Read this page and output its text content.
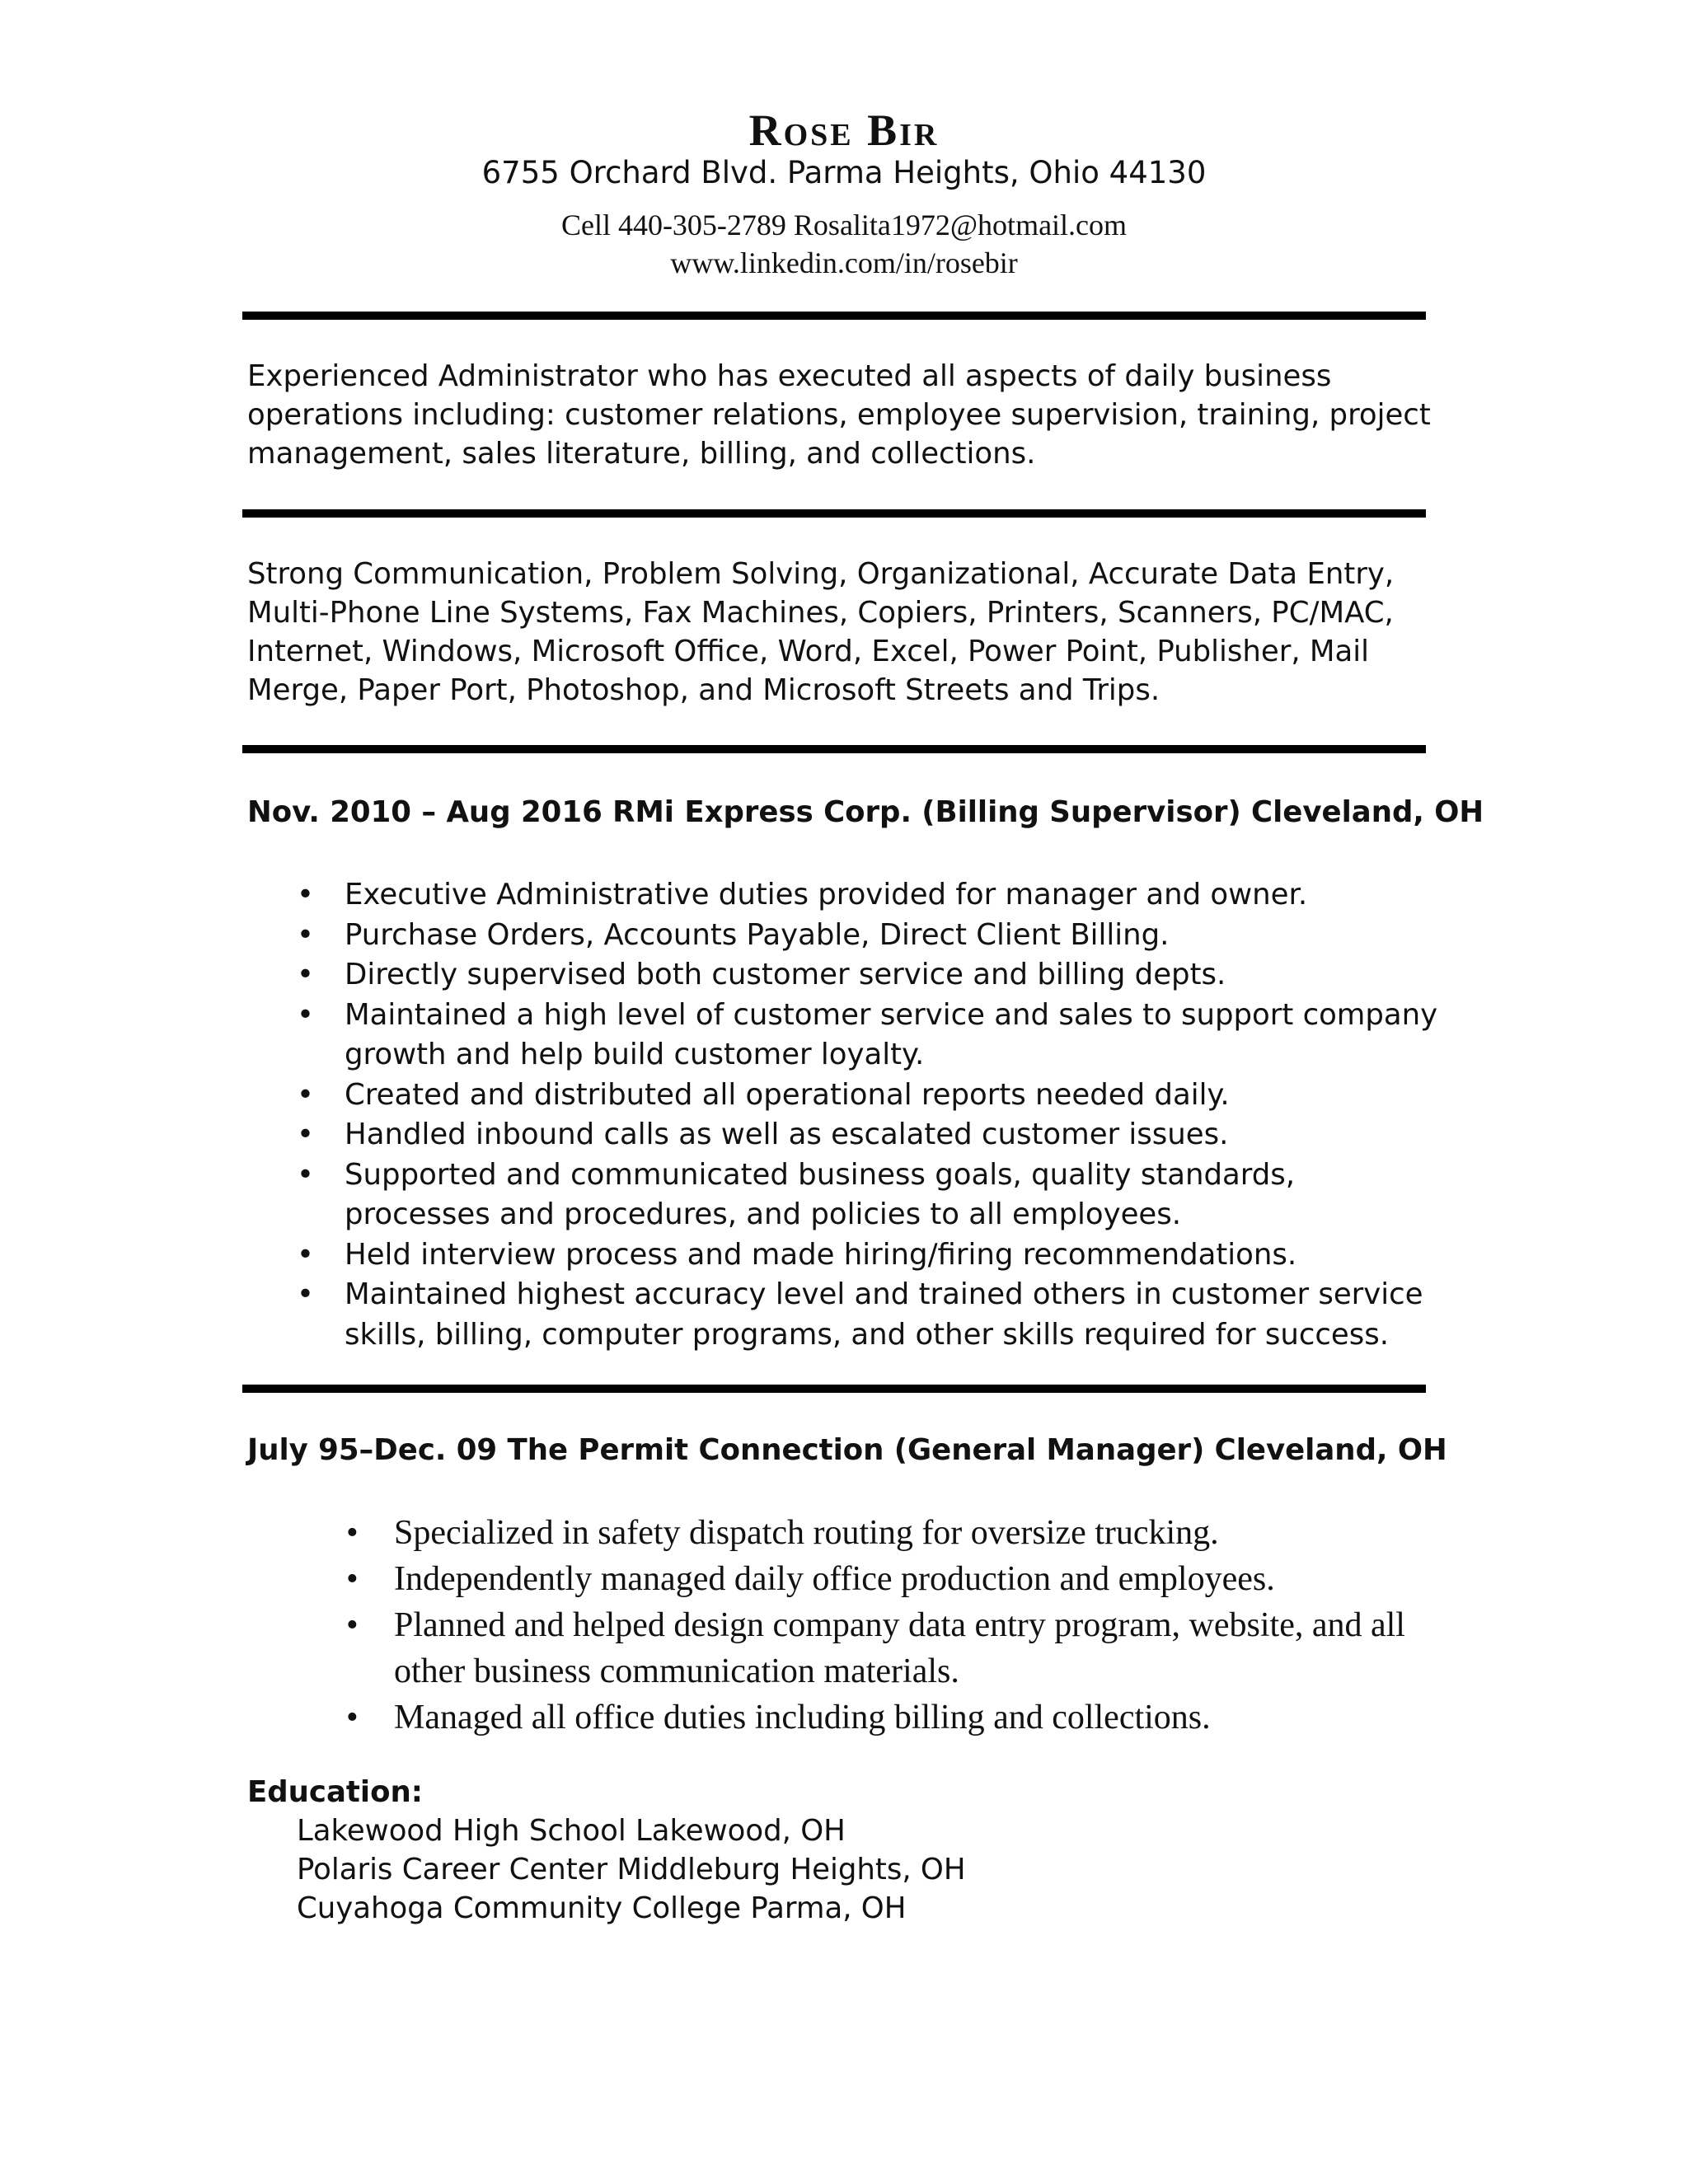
Rose Bir
6755 Orchard Blvd. Parma Heights, Ohio 44130
Cell 440-305-2789 Rosalita1972@hotmail.com
www.linkedin.com/in/rosebir
Experienced Administrator who has executed all aspects of daily business operations including: customer relations, employee supervision, training, project management, sales literature, billing, and collections.
Strong Communication, Problem Solving, Organizational, Accurate Data Entry, Multi-Phone Line Systems, Fax Machines, Copiers, Printers, Scanners, PC/MAC, Internet, Windows, Microsoft Office, Word, Excel, Power Point, Publisher, Mail Merge, Paper Port, Photoshop, and Microsoft Streets and Trips.
Nov. 2010 – Aug 2016 RMi Express Corp. (Billing Supervisor) Cleveland, OH
• Executive Administrative duties provided for manager and owner.
• Purchase Orders, Accounts Payable, Direct Client Billing.
• Directly supervised both customer service and billing depts.
• Maintained a high level of customer service and sales to support company growth and help build customer loyalty.
• Created and distributed all operational reports needed daily.
• Handled inbound calls as well as escalated customer issues.
• Supported and communicated business goals, quality standards, processes and procedures, and policies to all employees.
• Held interview process and made hiring/firing recommendations.
• Maintained highest accuracy level and trained others in customer service skills, billing, computer programs, and other skills required for success.
July 95–Dec. 09 The Permit Connection (General Manager) Cleveland, OH
• Specialized in safety dispatch routing for oversize trucking.
• Independently managed daily office production and employees.
• Planned and helped design company data entry program, website, and all other business communication materials.
• Managed all office duties including billing and collections.
Education:
Lakewood High School Lakewood, OH
Polaris Career Center Middleburg Heights, OH
Cuyahoga Community College Parma, OH
